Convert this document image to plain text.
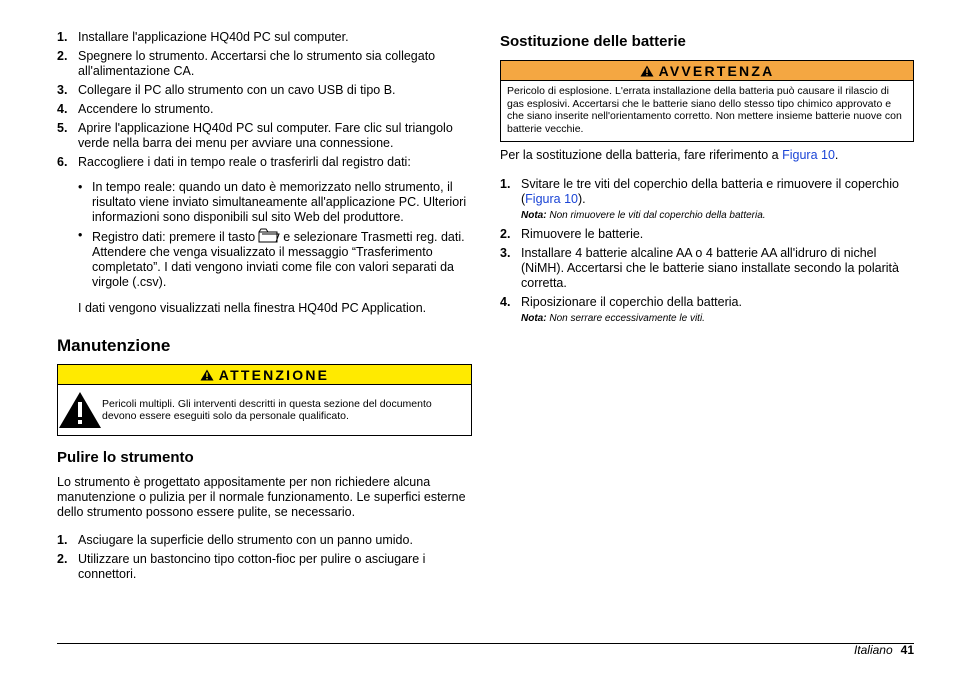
1. Installare l'applicazione HQ40d PC sul computer.
2. Spegnere lo strumento. Accertarsi che lo strumento sia collegato all'alimentazione CA.
3. Collegare il PC allo strumento con un cavo USB di tipo B.
4. Accendere lo strumento.
5. Aprire l'applicazione HQ40d PC sul computer. Fare clic sul triangolo verde nella barra dei menu per avviare una connessione.
6. Raccogliere i dati in tempo reale o trasferirli dal registro dati:
• In tempo reale: quando un dato è memorizzato nello strumento, il risultato viene inviato simultaneamente all'applicazione PC. Ulteriori informazioni sono disponibili sul sito Web del produttore.
• Registro dati: premere il tasto e selezionare Trasmetti reg. dati. Attendere che venga visualizzato il messaggio “Trasferimento completato”. I dati vengono inviati come file con valori separati da virgole (.csv).

I dati vengono visualizzati nella finestra HQ40d PC Application.

Manutenzione
ATTENZIONE
Pericoli multipli. Gli interventi descritti in questa sezione del documento devono essere eseguiti solo da personale qualificato.
Pulire lo strumento

Lo strumento è progettato appositamente per non richiedere alcuna manutenzione o pulizia per il normale funzionamento. Le superfici esterne dello strumento possono essere pulite, se necessario.

1. Asciugare la superficie dello strumento con un panno umido.
2. Utilizzare un bastoncino tipo cotton-fioc per pulire o asciugare i connettori.
Sostituzione delle batterie
AVVERTENZA
Pericolo di esplosione. L'errata installazione della batteria può causare il rilascio di gas esplosivi. Accertarsi che le batterie siano dello stesso tipo chimico approvato e che siano inserite nell'orientamento corretto. Non mettere insieme batterie nuove con batterie vecchie.

Per la sostituzione della batteria, fare riferimento a Figura 10.

1. Svitare le tre viti del coperchio della batteria e rimuovere il coperchio (Figura 10).
Nota: Non rimuovere le viti dal coperchio della batteria.
2. Rimuovere le batterie.
3. Installare 4 batterie alcaline AA o 4 batterie AA all'idruro di nichel (NiMH). Accertarsi che le batterie siano installate secondo la polarità corretta.
4. Riposizionare il coperchio della batteria.
Nota: Non serrare eccessivamente le viti.
Italiano 41
